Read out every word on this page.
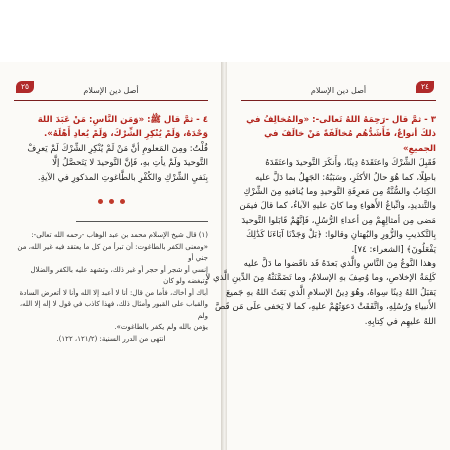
٢٥	أصل دين الإسلام
٤ - ثمَّ قال ﷺ: «وَمَن النَّاسِ: مَنْ عَبَدَ اللهَ وَحْدَهُ، وَلَمْ يُنْكِرِ الشِّرْكَ، وَلَمْ يُعادِ أَهْلَهُ».
قُلْتُ: ومِنَ المَعلومِ أنَّ مَنْ لَمْ يُنْكِرِ الشِّرْكَ لَمْ يَعرِفْ
التَّوحيدَ ولَمْ يأتِ بهِ، فَإنَّ التَّوحيدَ لا يَتَحصَّلُ إلَّا
بِنَفيِ الشِّرْكِ والكُفْرِ بالطَّاغوتِ المذكورِ في الآيةِ.
(١) قال شيخ الإسلام محمد بن عبد الوهاب -رحمه الله تعالى-:
«ومعنى الكفر بالطاغوت: أن تبرأ من كل ما يعتقد فيه غير الله، من جني أو
إنسي أو شجر أو حجر أو غير ذلك، وتشهد عليه بالكفر والضلال وتبغضه ولو كان
أباك أو أخاك، فأما من قال: أنا لا أعبد إلا الله وأنا لا أتعرض السادة
والقباب على القبور وأمثال ذلك، فهذا كاذب في قول لا إله إلا الله، ولم
يؤمن بالله ولم يكفر بالطاغوت».
انتهى من الدرر السنية: (١٢١/٢، ١٢٢).
٢٤
أصل دين الإسلام
٣ - ثمَّ قال -رَحِمَهُ اللهُ تَعالى-: «والمُخالِفُ في ذلكَ أنواعٌ، فَأَشَدُّهُم مُخالَفَةً مَنْ خالَفَ في الجميعِ»
فَقَبِلَ الشِّرْكَ واعتَقَدَهُ دِينًا، وأَنكَرَ التَّوحيدَ واعتَقَدَهُ
باطِلًا، كما هُوَ حالُ الأكثَرِ، وسَبَبُهُ: الجَهلُ بما دَلَّ عليه
الكِتابُ والسُّنَّةُ مِن مَعرِفَةِ التَّوحيدِ وما يُنافيهِ مِنَ الشِّرْكِ
والتَّنديدِ، واتِّباعُ الأَهواءِ وما كانَ عليهِ الآباءُ، كما قالَ فيمَن
مَضى مِن أمثالِهِمْ مِن أعداءِ الرُّسُلِ، فَإنَّهُمْ قَابَلوا التَّوحيدَ
بِالتَّكذيبِ والزُّورِ والبُهتانِ وقالوا: ﴿بَلْ وَجَدْنَا آبَاءَنَا كَذَٰلِكَ
يَفْعَلُونَ﴾ [الشعراء: ٧٤].
وهذا النَّوعُ مِنَ النَّاسِ والَّذي بَعدَهُ قَد ناقَضوا ما دَلَّ عليه
كَلِمَةُ الإخلاصِ، وما وُصِفَ بهِ الإسلامُ، وما تَضَمَّنَتْهُ مِنَ الدِّينِ الَّذي لا
يَقبَلُ اللهُ دِينًا سِواهُ، وهُوَ دِينُ الإسلامِ الَّذي بَعَثَ اللهُ بهِ جَميعَ
الأَنبياءِ ورُسُلِهِ، واتَّفَقَتْ دَعوَتُهُمْ عليهِ، كما لا يَخفى علَى مَن قَصَّ
اللهُ عليهِم في كِتابِهِ.
